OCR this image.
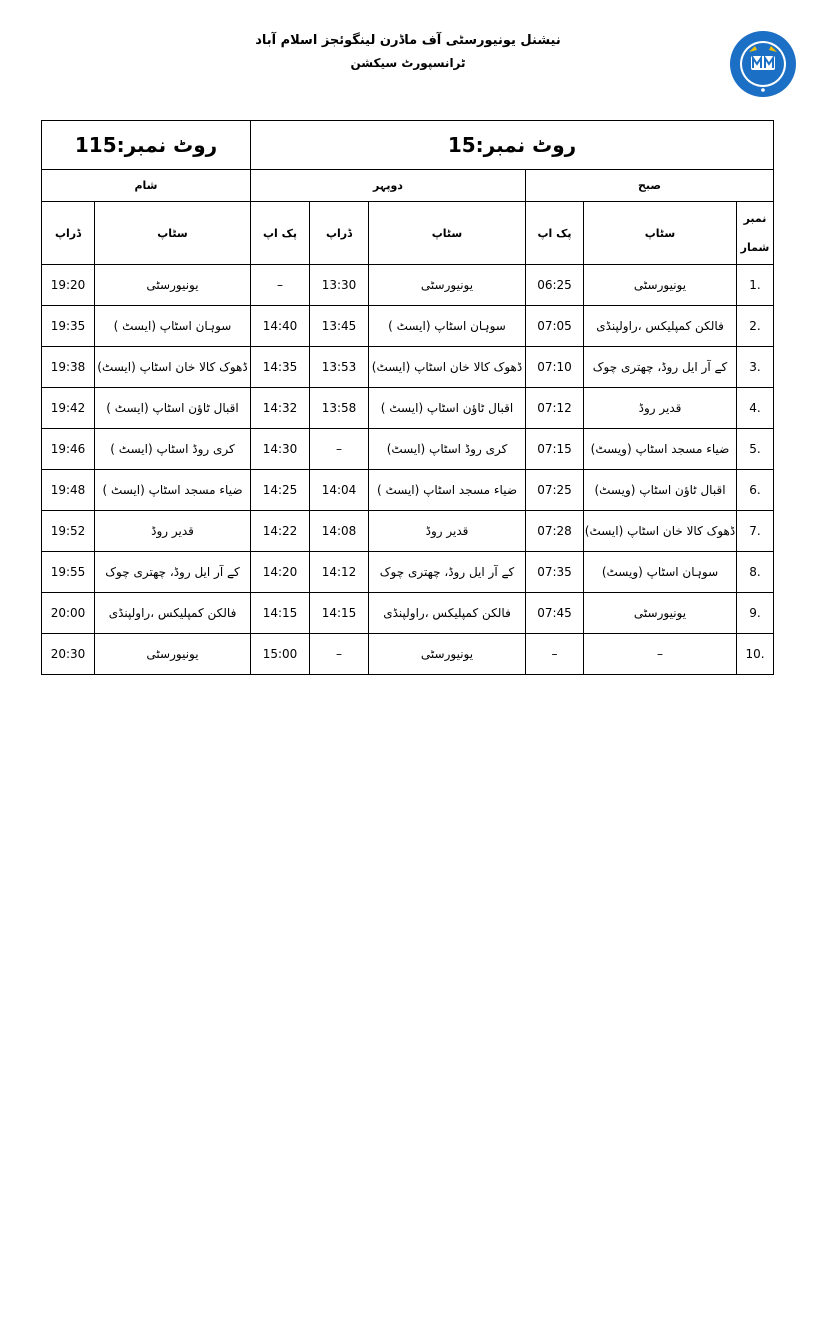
نیشنل یونیورسٹی آف ماڈرن لینگوئجز اسلام آباد
ٹرانسپورٹ سیکشن
روٹ نمبر:115		روٹ نمبر:15					
شام		دوپہر			صبح		
ڈراپ	سٹاپ	پک اپ	ڈراپ	سٹاپ	پک اپ	سٹاپ	نمبر
شمار

19:20	یونیورسٹی	–	13:30	یونیورسٹی	06:25	یونیورسٹی	1.
19:35	سوہان اسٹاپ (ایسٹ )	14:40	13:45	سوہان اسٹاپ (ایسٹ )	07:05	فالکن کمپلیکس ،راولپنڈی	2.
19:38	ڈھوک کالا خان اسٹاپ (ایسٹ)	14:35	13:53	ڈھوک کالا خان اسٹاپ (ایسٹ)	07:10	کے آر ایل روڈ، چھتری چوک	3.
19:42	اقبال ٹاؤن اسٹاپ (ایسٹ )	14:32	13:58	اقبال ٹاؤن اسٹاپ (ایسٹ )	07:12	قدیر روڈ	4.
19:46	کری روڈ اسٹاپ (ایسٹ )	14:30	–	کری روڈ اسٹاپ (ایسٹ)	07:15	ضیاء مسجد اسٹاپ (ویسٹ)	5.
19:48	ضیاء مسجد اسٹاپ (ایسٹ )	14:25	14:04	ضیاء مسجد اسٹاپ (ایسٹ )	07:25	اقبال ٹاؤن اسٹاپ (ویسٹ)	6.
19:52	قدیر روڈ	14:22	14:08	قدیر روڈ	07:28	ڈھوک کالا خان اسٹاپ (ایسٹ)	7.
19:55	کے آر ایل روڈ، چھتری چوک	14:20	14:12	کے آر ایل روڈ، چھتری چوک	07:35	سوہان اسٹاپ (ویسٹ)	8.
20:00	فالکن کمپلیکس ،راولپنڈی	14:15	14:15	فالکن کمپلیکس ،راولپنڈی	07:45	یونیورسٹی	9.
20:30	یونیورسٹی	15:00	–	یونیورسٹی	–	–	10.
